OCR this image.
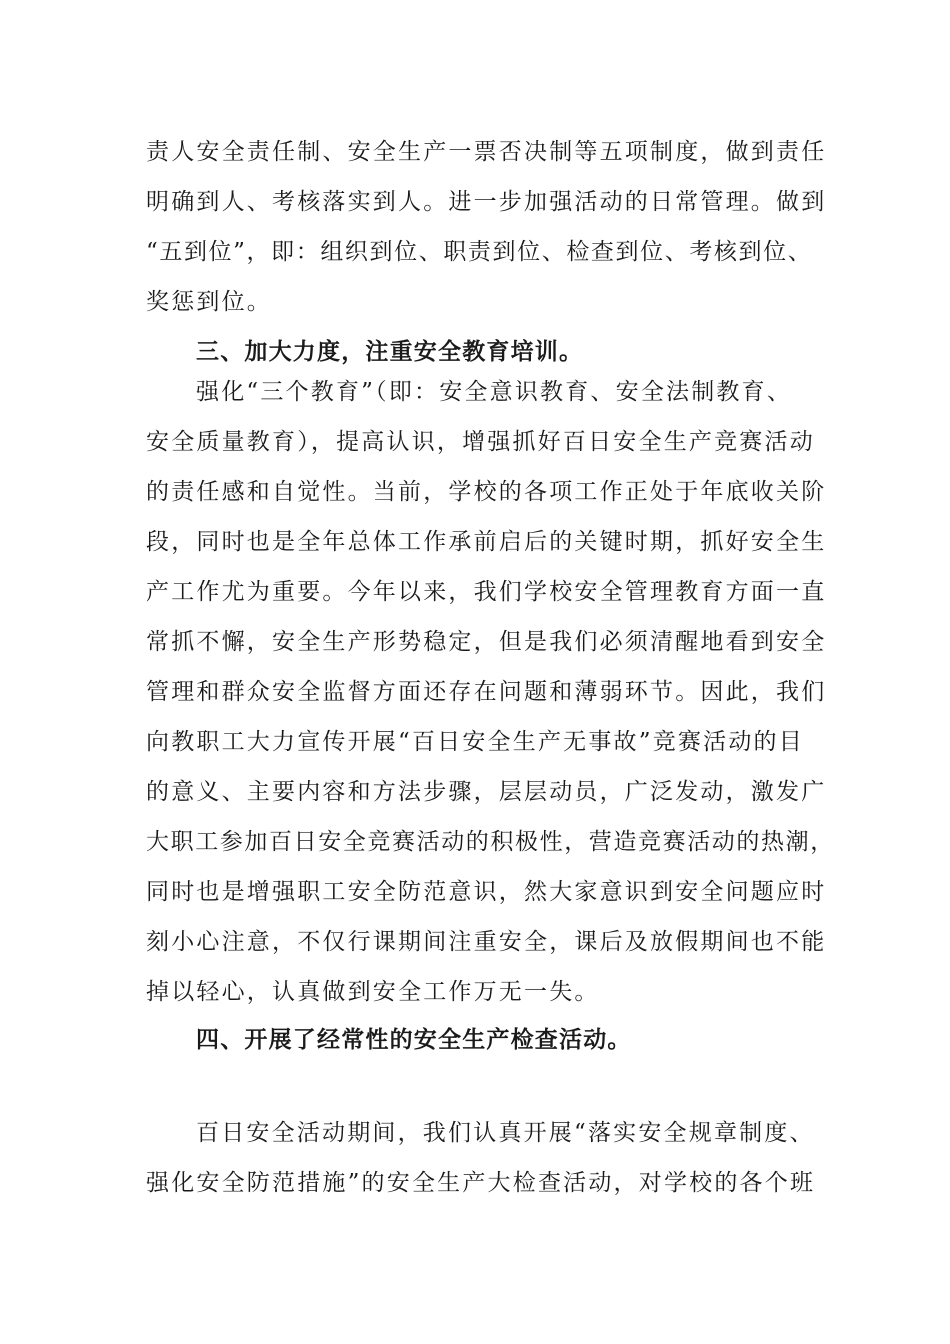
责人安全责任制、安全生产一票否决制等五项制度，做到责任
明确到人、考核落实到人。进一步加强活动的日常管理。做到
“五到位”，即：组织到位、职责到位、检查到位、考核到位、
奖惩到位。
三、加大力度，注重安全教育培训。
强化“三个教育”（即：安全意识教育、安全法制教育、
安全质量教育），提高认识，增强抓好百日安全生产竞赛活动
的责任感和自觉性。当前，学校的各项工作正处于年底收关阶
段，同时也是全年总体工作承前启后的关键时期，抓好安全生
产工作尤为重要。今年以来，我们学校安全管理教育方面一直
常抓不懈，安全生产形势稳定，但是我们必须清醒地看到安全
管理和群众安全监督方面还存在问题和薄弱环节。因此，我们
向教职工大力宣传开展“百日安全生产无事故”竞赛活动的目
的意义、主要内容和方法步骤，层层动员，广泛发动，激发广
大职工参加百日安全竞赛活动的积极性，营造竞赛活动的热潮，
同时也是增强职工安全防范意识，然大家意识到安全问题应时
刻小心注意，不仅行课期间注重安全，课后及放假期间也不能
掉以轻心，认真做到安全工作万无一失。
四、开展了经常性的安全生产检查活动。
百日安全活动期间，我们认真开展“落实安全规章制度、
强化安全防范措施”的安全生产大检查活动，对学校的各个班
